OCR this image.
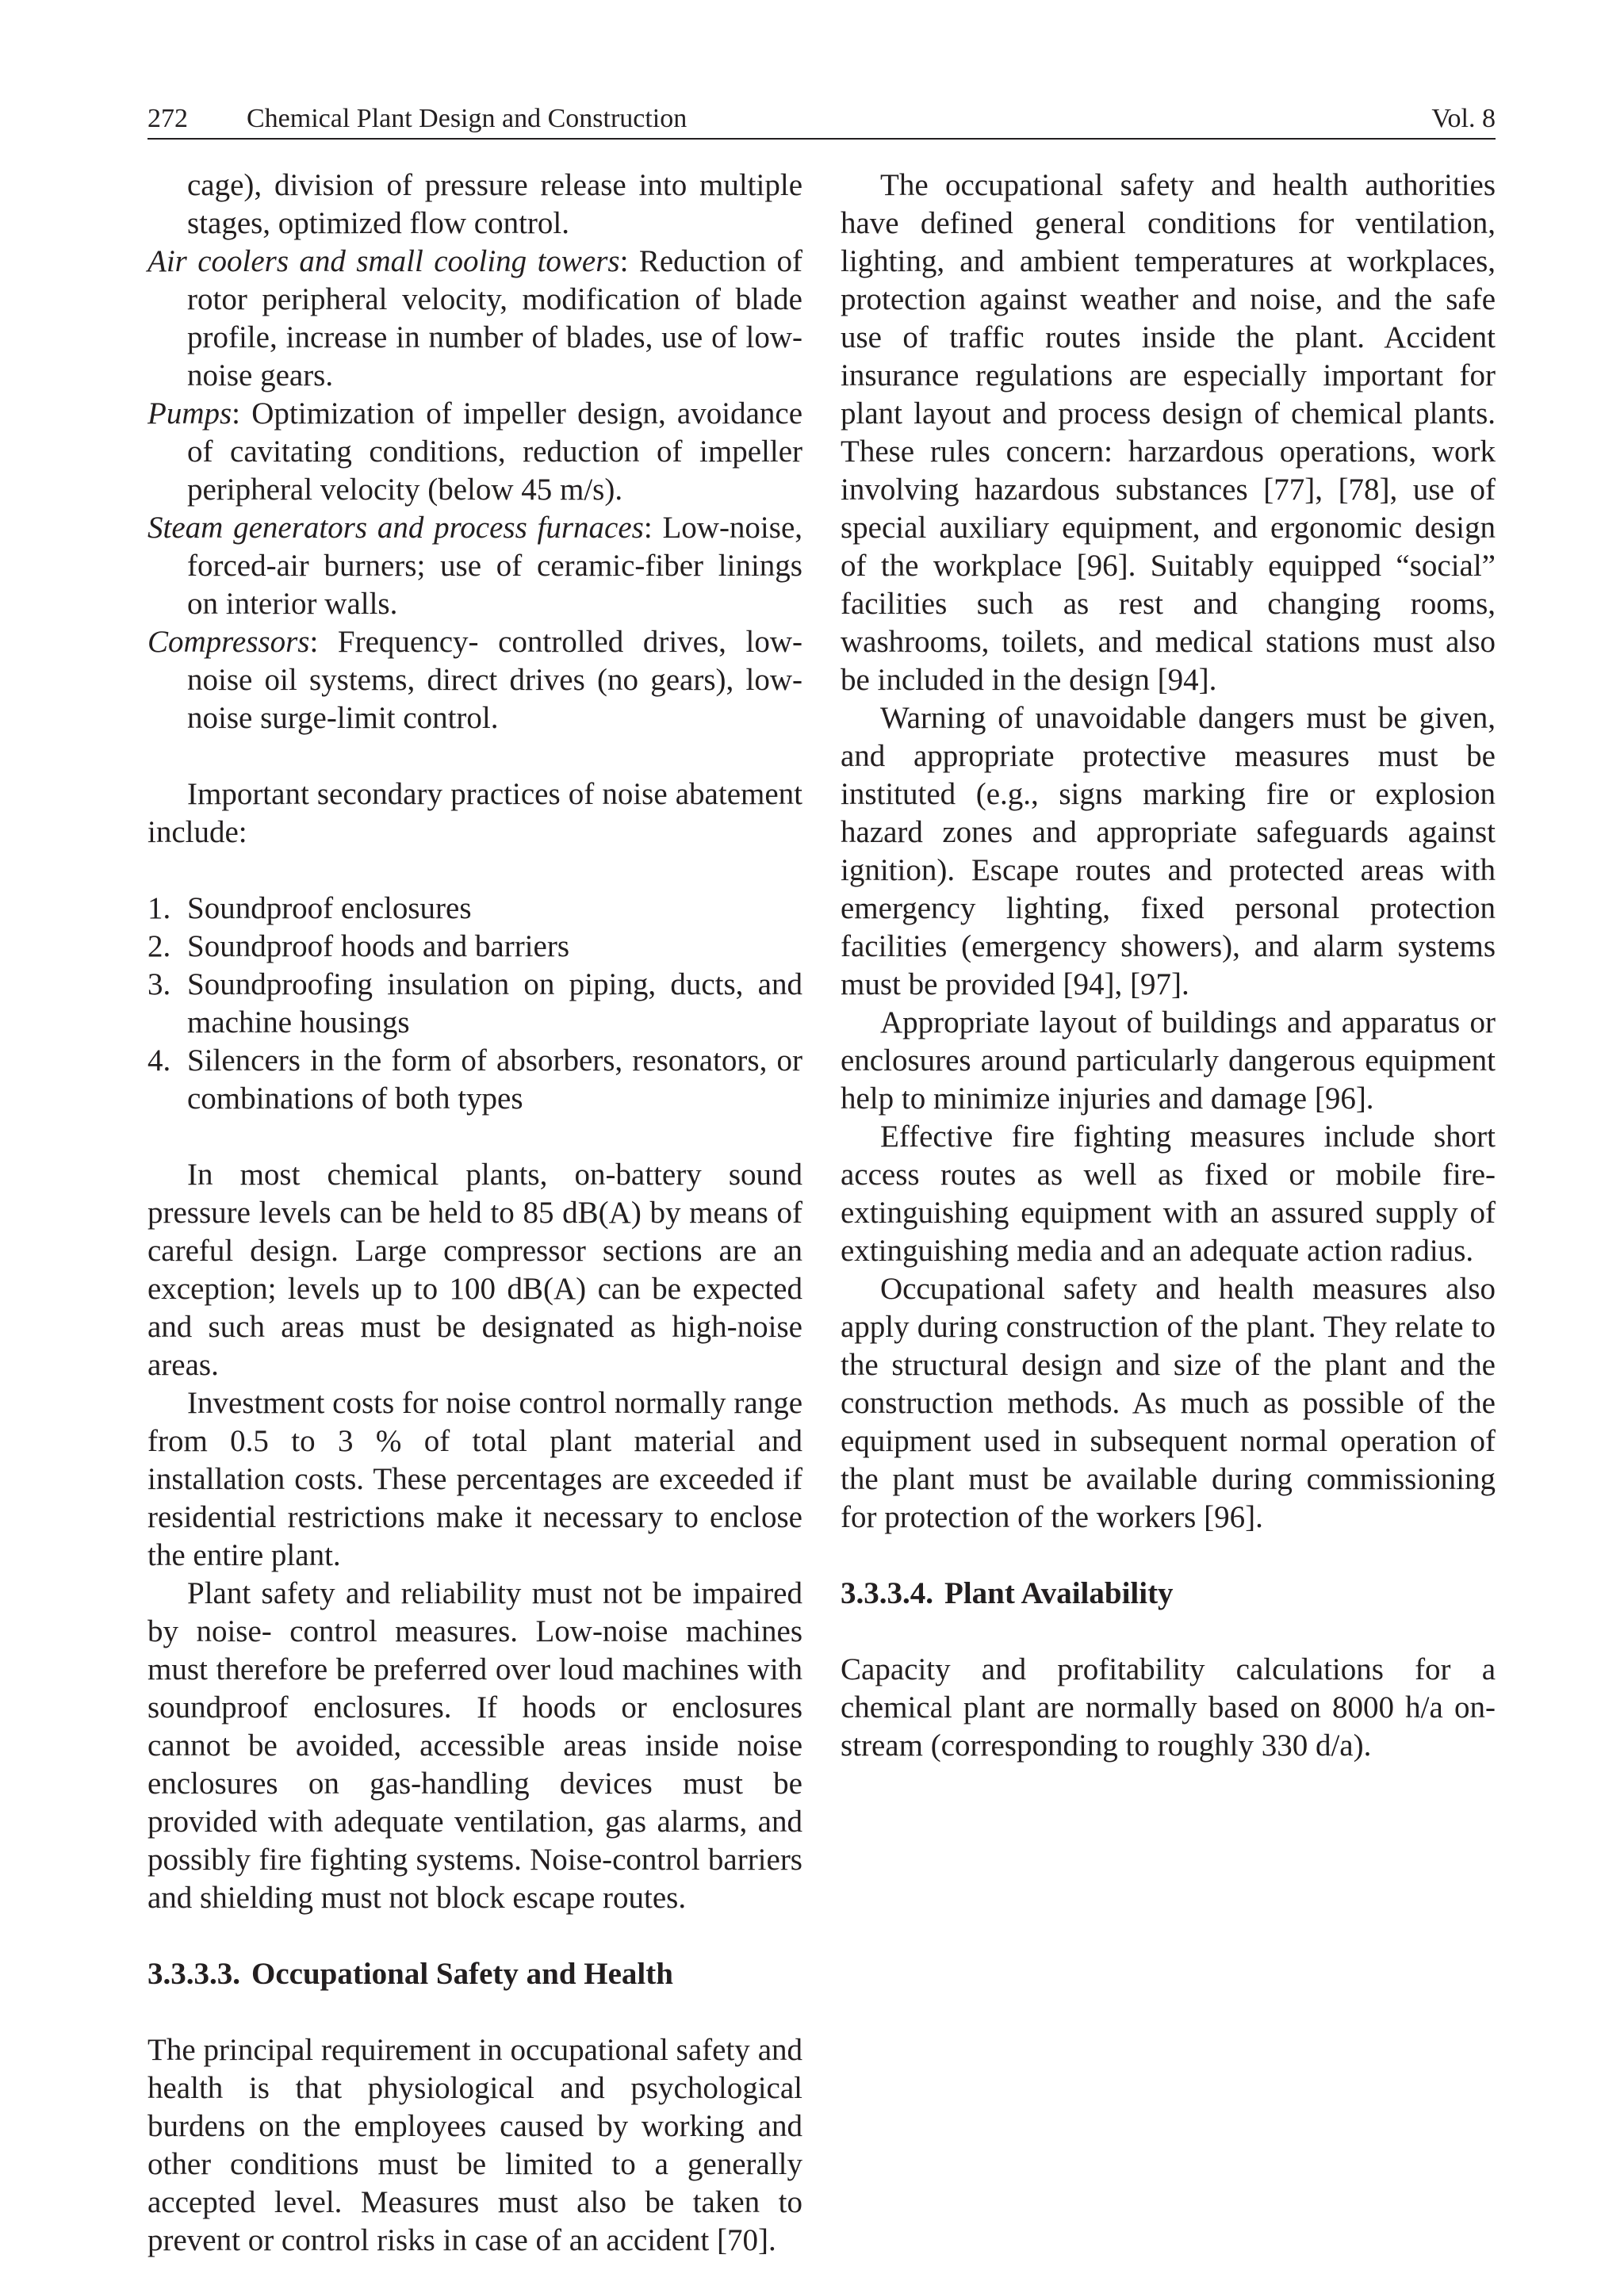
272 Chemical Plant Design and Construction	Vol. 8

cage), division of pressure release into multiple stages, optimized flow control.

Air coolers and small cooling towers: Reduction of rotor peripheral velocity, modification of blade profile, increase in number of blades, use of low-noise gears.

Pumps: Optimization of impeller design, avoidance of cavitating conditions, reduction of impeller peripheral velocity (below 45 m/s).

Steam generators and process furnaces: Low-noise, forced-air burners; use of ceramic-fiber linings on interior walls.

Compressors: Frequency- controlled drives, low-noise oil systems, direct drives (no gears), low-noise surge-limit control.

Important secondary practices of noise abatement include:

1. Soundproof enclosures
2. Soundproof hoods and barriers
3. Soundproofing insulation on piping, ducts, and machine housings
4. Silencers in the form of absorbers, resonators, or combinations of both types

In most chemical plants, on-battery sound pressure levels can be held to 85 dB(A) by means of careful design. Large compressor sections are an exception; levels up to 100 dB(A) can be expected and such areas must be designated as high-noise areas.

Investment costs for noise control normally range from 0.5 to 3 % of total plant material and installation costs. These percentages are exceeded if residential restrictions make it necessary to enclose the entire plant.

Plant safety and reliability must not be impaired by noise- control measures. Low-noise machines must therefore be preferred over loud machines with soundproof enclosures. If hoods or enclosures cannot be avoided, accessible areas inside noise enclosures on gas-handling devices must be provided with adequate ventilation, gas alarms, and possibly fire fighting systems. Noise-control barriers and shielding must not block escape routes.

3.3.3.3. Occupational Safety and Health

The principal requirement in occupational safety and health is that physiological and psychological burdens on the employees caused by working and other conditions must be limited to a generally accepted level. Measures must also be taken to prevent or control risks in case of an accident [70].

The occupational safety and health authorities have defined general conditions for ventilation, lighting, and ambient temperatures at workplaces, protection against weather and noise, and the safe use of traffic routes inside the plant. Accident insurance regulations are especially important for plant layout and process design of chemical plants. These rules concern: harzardous operations, work involving hazardous substances [77], [78], use of special auxiliary equipment, and ergonomic design of the workplace [96]. Suitably equipped “social” facilities such as rest and changing rooms, washrooms, toilets, and medical stations must also be included in the design [94].

Warning of unavoidable dangers must be given, and appropriate protective measures must be instituted (e.g., signs marking fire or explosion hazard zones and appropriate safeguards against ignition). Escape routes and protected areas with emergency lighting, fixed personal protection facilities (emergency showers), and alarm systems must be provided [94], [97].

Appropriate layout of buildings and apparatus or enclosures around particularly dangerous equipment help to minimize injuries and damage [96].

Effective fire fighting measures include short access routes as well as fixed or mobile fire-extinguishing equipment with an assured supply of extinguishing media and an adequate action radius.

Occupational safety and health measures also apply during construction of the plant. They relate to the structural design and size of the plant and the construction methods. As much as possible of the equipment used in subsequent normal operation of the plant must be available during commissioning for protection of the workers [96].

3.3.3.4. Plant Availability

Capacity and profitability calculations for a chemical plant are normally based on 8000 h/a on-stream (corresponding to roughly 330 d/a).
